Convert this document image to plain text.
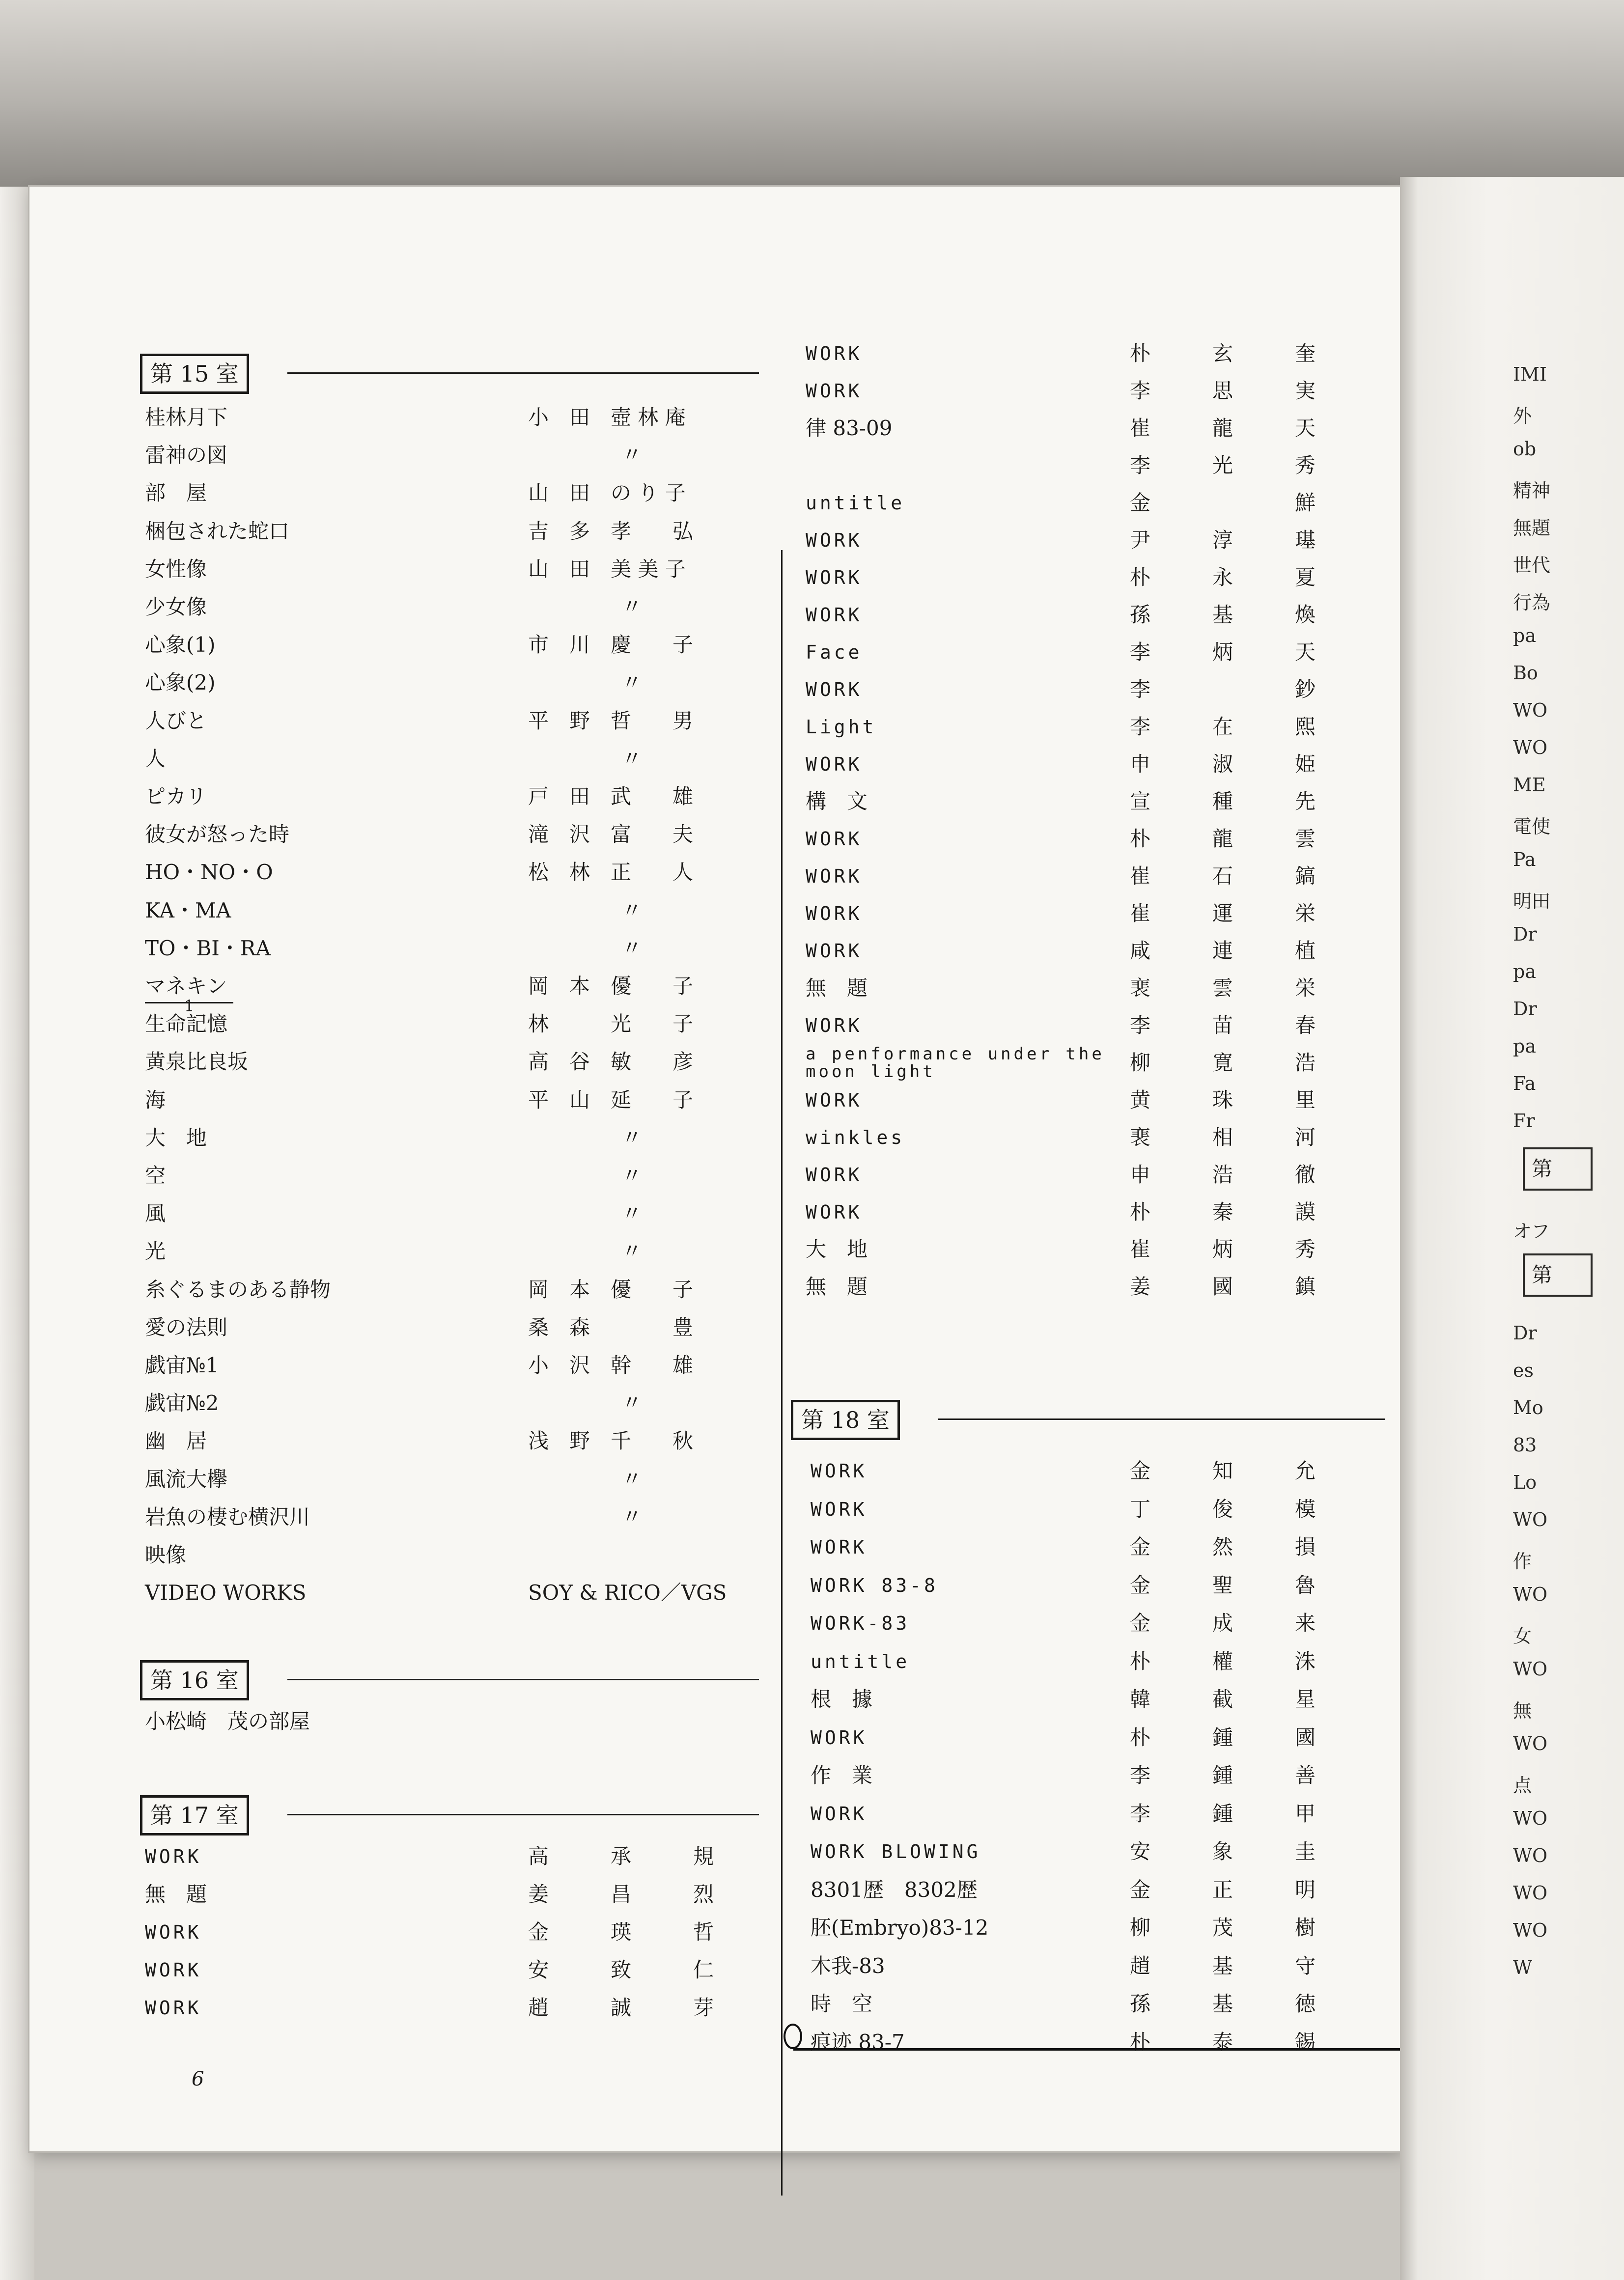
第 15 室
桂林月下	小　田　壺 林 庵
雷神の図	〃
部　屋	山　田　の り 子
梱包された蛇口	吉　多　孝　　弘
女性像	山　田　美 美 子
少女像	〃
心象(1)	市　川　慶　　子
心象(2)	〃
人びと	平　野　哲　　男
人	〃
ピカリ	戸　田　武　　雄
彼女が怒った時	滝　沢　富　　夫
HO・NO・O	松　林　正　　人
KA・MA	〃
TO・BI・RA	〃
マネキン	岡　本　優　　子
1
生命記憶	林　　　光　　子
黄泉比良坂	高　谷　敏　　彦
海	平　山　延　　子
大　地	〃
空	〃
風	〃
光	〃
糸ぐるまのある静物	岡　本　優　　子
愛の法則	桑　森　　　　豊
戯宙№1	小　沢　幹　　雄
戯宙№2	〃
幽　居	浅　野　千　　秋
風流大欅	〃
岩魚の棲む横沢川	〃
映像
VIDEO WORKS	SOY & RICO／VGS
第 16 室
小松崎　茂の部屋
第 17 室
WORK	高　　　承　　　規
無　題	姜　　　昌　　　烈
WORK	金　　　瑛　　　哲
WORK	安　　　致　　　仁
WORK	趙　　　誠　　　芽
WORK	朴　　　玄　　　奎
WORK	李　　　思　　　実
律 83-09	崔　　　龍　　　天
李　　　光　　　秀
untitle	金　　　　　　　鮮
WORK	尹　　　淳　　　璂
WORK	朴　　　永　　　夏
WORK	孫　　　基　　　煥
Face	李　　　炳　　　天
WORK	李　　　　　　　鈔
Light	李　　　在　　　熙
WORK	申　　　淑　　　姫
構　文	宣　　　種　　　先
WORK	朴　　　龍　　　雲
WORK	崔　　　石　　　鎬
WORK	崔　　　運　　　栄
WORK	咸　　　連　　　植
無　題	裵　　　雲　　　栄
WORK	李　　　苗　　　春
a penformance under the moon light	柳　　　寛　　　浩
WORK	黄　　　珠　　　里
winkles	裵　　　相　　　河
WORK	申　　　浩　　　徹
WORK	朴　　　秦　　　謨
大　地	崔　　　炳　　　秀
無　題	姜　　　國　　　鎮
第 18 室
WORK	金　　　知　　　允
WORK	丁　　　俊　　　模
WORK	金　　　然　　　損
WORK 83-8	金　　　聖　　　魯
WORK-83	金　　　成　　　来
untitle	朴　　　權　　　洙
根　據	韓　　　截　　　星
WORK	朴　　　鍾　　　國
作　業	李　　　鍾　　　善
WORK	李　　　鍾　　　甲
WORK BLOWING	安　　　象　　　圭
8301歴　8302歴	金　　　正　　　明
胚(Embryo)83-12	柳　　　茂　　　樹
木我-83	趙　　　基　　　守
時　空	孫　　　基　　　徳
痕迹 83-7	朴　　　泰　　　錫
6
IMI
外
ob
精神
無題
世代
行為
pa
Bo
WO
WO
ME
電使
Pa
明田
Dr
pa
Dr
pa
Fa
Fr
第
オフ
第
Dr
es
Mo
83
Lo
WO
作
WO
女
WO
無
WO
点
WO
WO
WO
WO
W
